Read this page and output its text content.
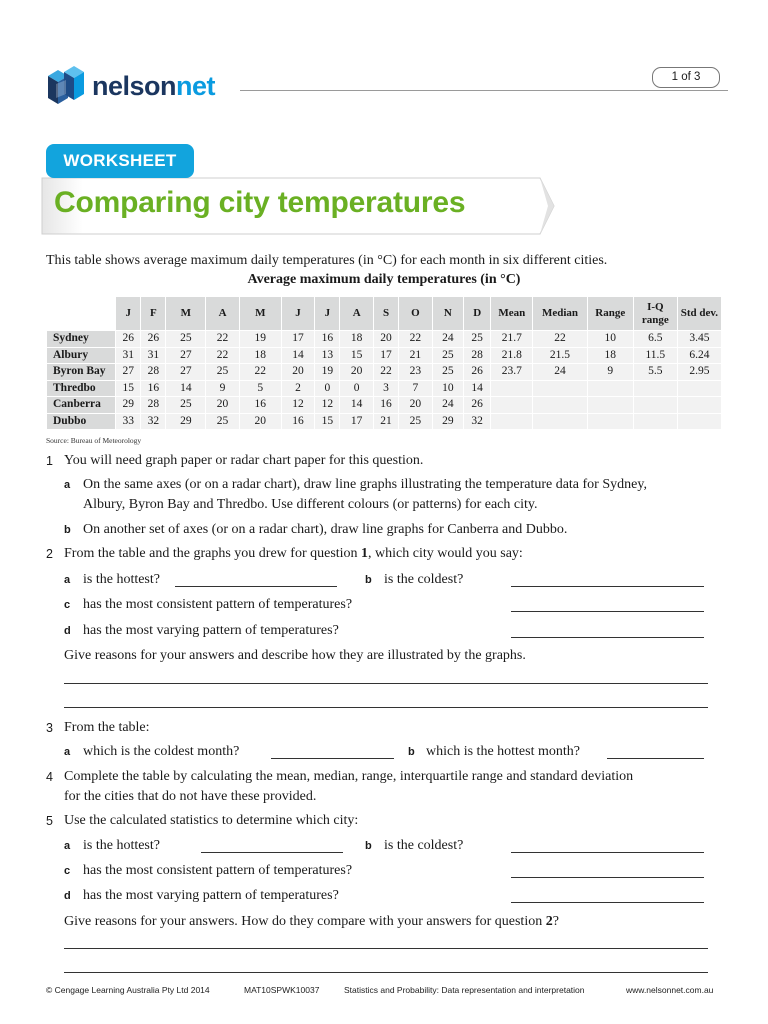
nelsonnet	1 of 3
WORKSHEET
Comparing city temperatures
This table shows average maximum daily temperatures (in °C) for each month in six different cities.
Average maximum daily temperatures (in °C)
	J	F	M	A	M	J	J	A	S	O	N	D	Mean	Median	Range	I-Q range	Std dev.
Sydney	26	26	25	22	19	17	16	18	20	22	24	25	21.7	22	10	6.5	3.45
Albury	31	31	27	22	18	14	13	15	17	21	25	28	21.8	21.5	18	11.5	6.24
Byron Bay	27	28	27	25	22	20	19	20	22	23	25	26	23.7	24	9	5.5	2.95
Thredbo	15	16	14	9	5	2	0	0	3	7	10	14					
Canberra	29	28	25	20	16	12	12	14	16	20	24	26					
Dubbo	33	32	29	25	20	16	15	17	21	25	29	32					
Source: Bureau of Meteorology
1 You will need graph paper or radar chart paper for this question.
a On the same axes (or on a radar chart), draw line graphs illustrating the temperature data for Sydney,
Albury, Byron Bay and Thredbo. Use different colours (or patterns) for each city.
b On another set of axes (or on a radar chart), draw line graphs for Canberra and Dubbo.
2 From the table and the graphs you drew for question 1, which city would you say:
a is the hottest?	b is the coldest?
c has the most consistent pattern of temperatures?
d has the most varying pattern of temperatures?
Give reasons for your answers and describe how they are illustrated by the graphs.
3 From the table:
a which is the coldest month?	b which is the hottest month?
4 Complete the table by calculating the mean, median, range, interquartile range and standard deviation
for the cities that do not have these provided.
5 Use the calculated statistics to determine which city:
a is the hottest?	b is the coldest?
c has the most consistent pattern of temperatures?
d has the most varying pattern of temperatures?
Give reasons for your answers. How do they compare with your answers for question 2?
© Cengage Learning Australia Pty Ltd 2014	MAT10SPWK10037	Statistics and Probability: Data representation and interpretation	www.nelsonnet.com.au
